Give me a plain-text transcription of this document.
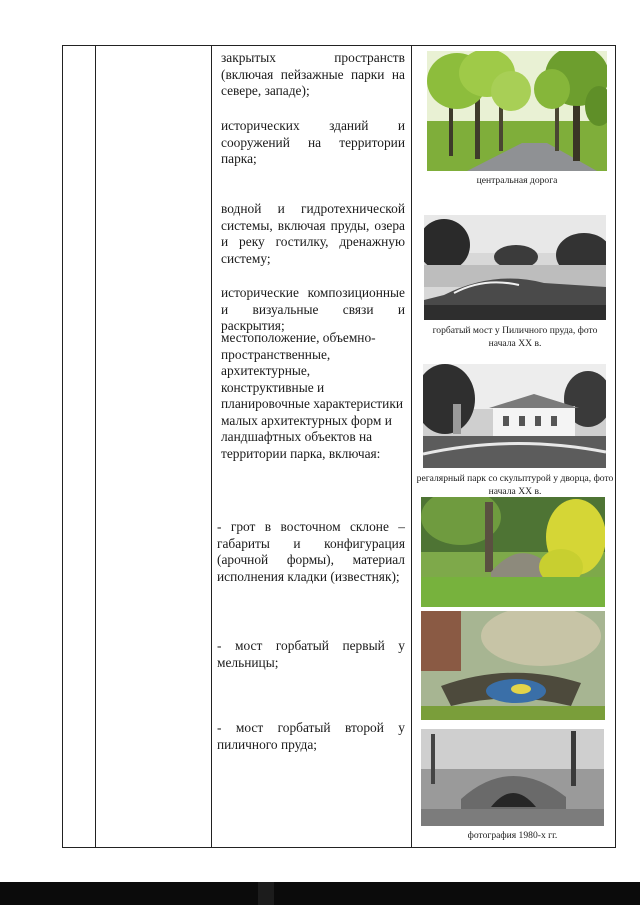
закрытых пространств (включая пейзажные парки на севере, западе);

исторических зданий и сооружений на территории парка;

водной и гидротехнической системы, включая пруды, озера и реку гостилку, дренажную систему;

исторические композиционные и визуальные связи и раскрытия;

местоположение, объемно-пространственные, архитектурные, конструктивные и планировочные характеристики малых архитектурных форм и ландшафтных объектов на территории парка, включая:

- грот в восточном склоне – габариты и конфигурация (арочной формы), материал исполнения кладки (известняк);

- мост горбатый первый у мельницы;

- мост горбатый второй у пиличного пруда;

центральная дорога
горбатый мост у Пиличного пруда, фото начала XX в.
регалярный парк со скульптурой у дворца, фото начала XX в.
фотография 1980-х гг.
